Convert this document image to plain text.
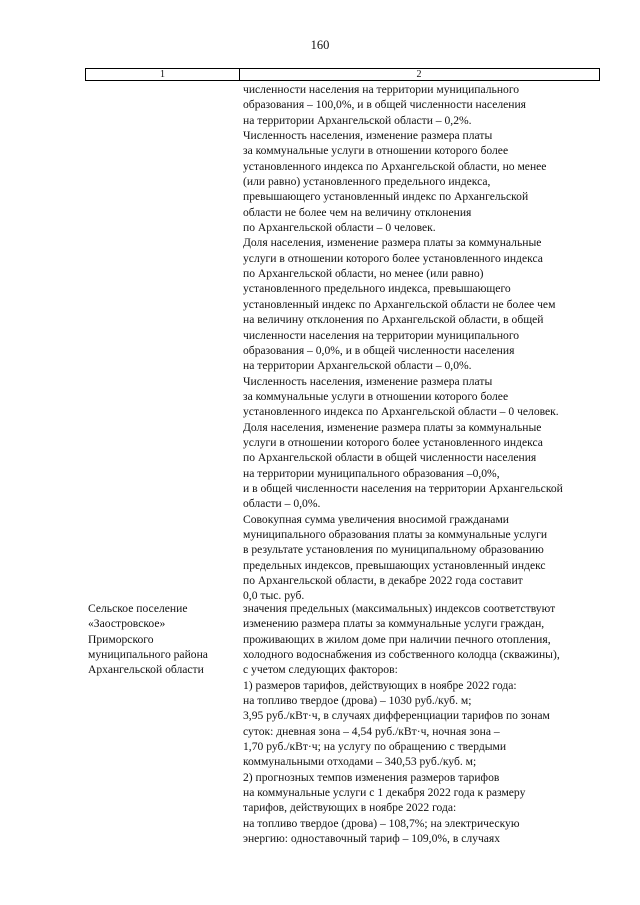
160
1	2
численности населения на территории муниципального
образования – 100,0%, и в общей численности населения
на территории Архангельской области – 0,2%.
Численность населения, изменение размера платы
за коммунальные услуги в отношении которого более
установленного индекса по Архангельской области, но менее
(или равно) установленного предельного индекса,
превышающего установленный индекс по Архангельской
области не более чем на величину отклонения
по Архангельской области – 0 человек.
Доля населения, изменение размера платы за коммунальные
услуги в отношении которого более установленного индекса
по Архангельской области, но менее (или равно)
установленного предельного индекса, превышающего
установленный индекс по Архангельской области не более чем
на величину отклонения по Архангельской области, в общей
численности населения на территории муниципального
образования – 0,0%, и в общей численности населения
на территории Архангельской области – 0,0%.
Численность населения, изменение размера платы
за коммунальные услуги в отношении которого более
установленного индекса по Архангельской области – 0 человек.
Доля населения, изменение размера платы за коммунальные
услуги в отношении которого более установленного индекса
по Архангельской области в общей численности населения
на территории муниципального образования –0,0%,
и в общей численности населения на территории Архангельской
области – 0,0%.
Совокупная сумма увеличения вносимой гражданами
муниципального образования платы за коммунальные услуги
в результате установления по муниципальному образованию
предельных индексов, превышающих установленный индекс
по Архангельской области, в декабре 2022 года составит
0,0 тыс. руб.
Сельское поселение
«Заостровское»
Приморского
муниципального района
Архангельской области
значения предельных (максимальных) индексов соответствуют
изменению размера платы за коммунальные услуги граждан,
проживающих в жилом доме при наличии печного отопления,
холодного водоснабжения из собственного колодца (скважины),
с учетом следующих факторов:
1) размеров тарифов, действующих в ноябре 2022 года:
на топливо твердое (дрова) – 1030 руб./куб. м;
3,95 руб./кВт·ч, в случаях дифференциации тарифов по зонам
суток: дневная зона – 4,54 руб./кВт·ч, ночная зона –
1,70 руб./кВт·ч; на услугу по обращению с твердыми
коммунальными отходами – 340,53 руб./куб. м;
2) прогнозных темпов изменения размеров тарифов
на коммунальные услуги с 1 декабря 2022 года к размеру
тарифов, действующих в ноябре 2022 года:
на топливо твердое (дрова) – 108,7%; на электрическую
энергию: одноставочный тариф – 109,0%, в случаях
